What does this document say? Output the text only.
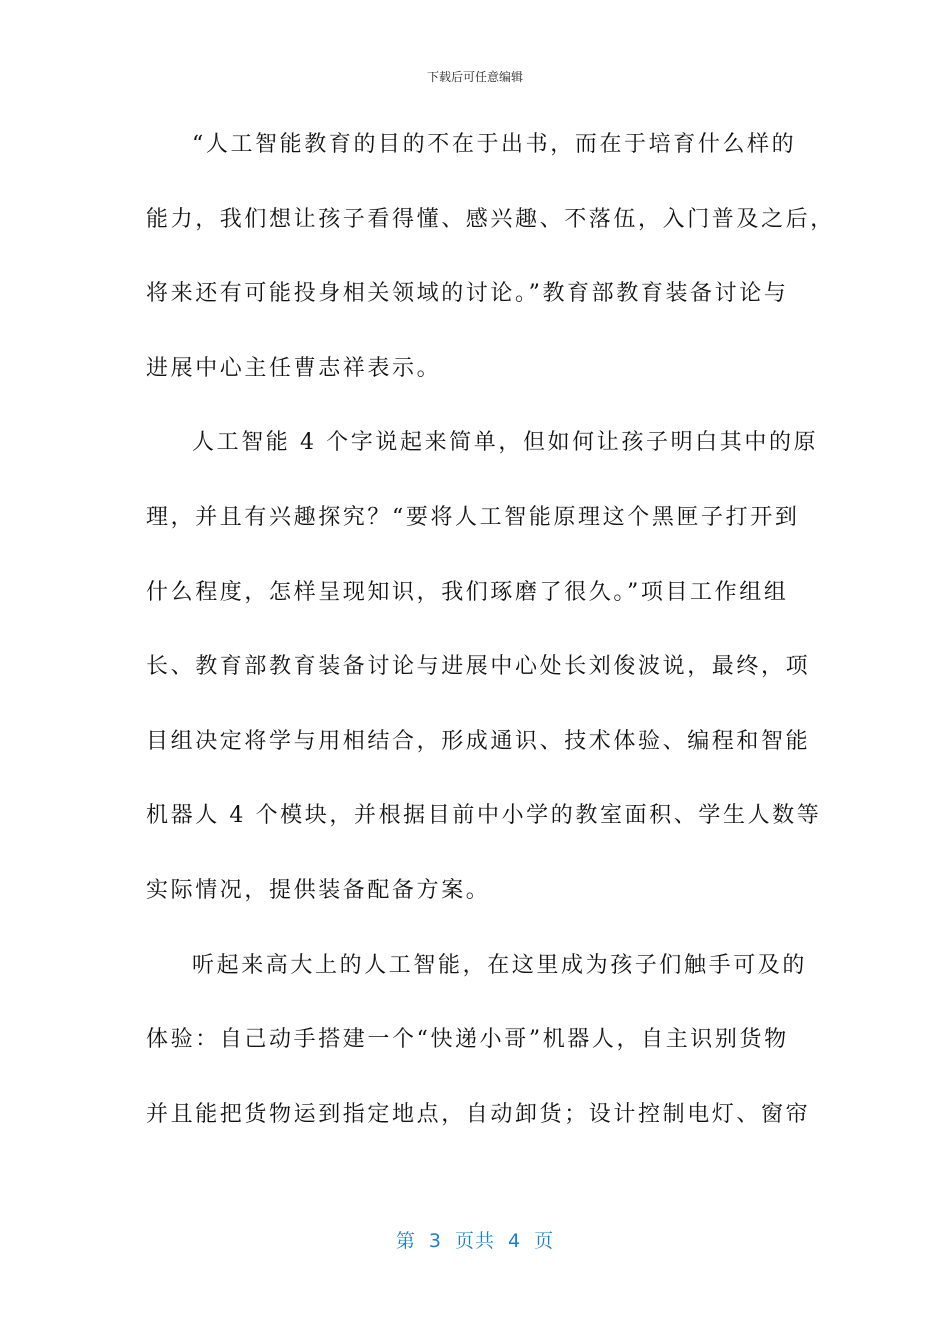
下载后可任意编辑
“人工智能教育的目的不在于出书，而在于培育什么样的
能力，我们想让孩子看得懂、感兴趣、不落伍，入门普及之后，
将来还有可能投身相关领域的讨论。”教育部教育装备讨论与
进展中心主任曹志祥表示。
人工智能 4 个字说起来简单，但如何让孩子明白其中的原
理，并且有兴趣探究？“要将人工智能原理这个黑匣子打开到
什么程度，怎样呈现知识，我们琢磨了很久。”项目工作组组
长、教育部教育装备讨论与进展中心处长刘俊波说，最终，项
目组决定将学与用相结合，形成通识、技术体验、编程和智能
机器人 4 个模块，并根据目前中小学的教室面积、学生人数等
实际情况，提供装备配备方案。
听起来高大上的人工智能，在这里成为孩子们触手可及的
体验：自己动手搭建一个“快递小哥”机器人，自主识别货物
并且能把货物运到指定地点，自动卸货；设计控制电灯、窗帘
第 3 页共 4 页
